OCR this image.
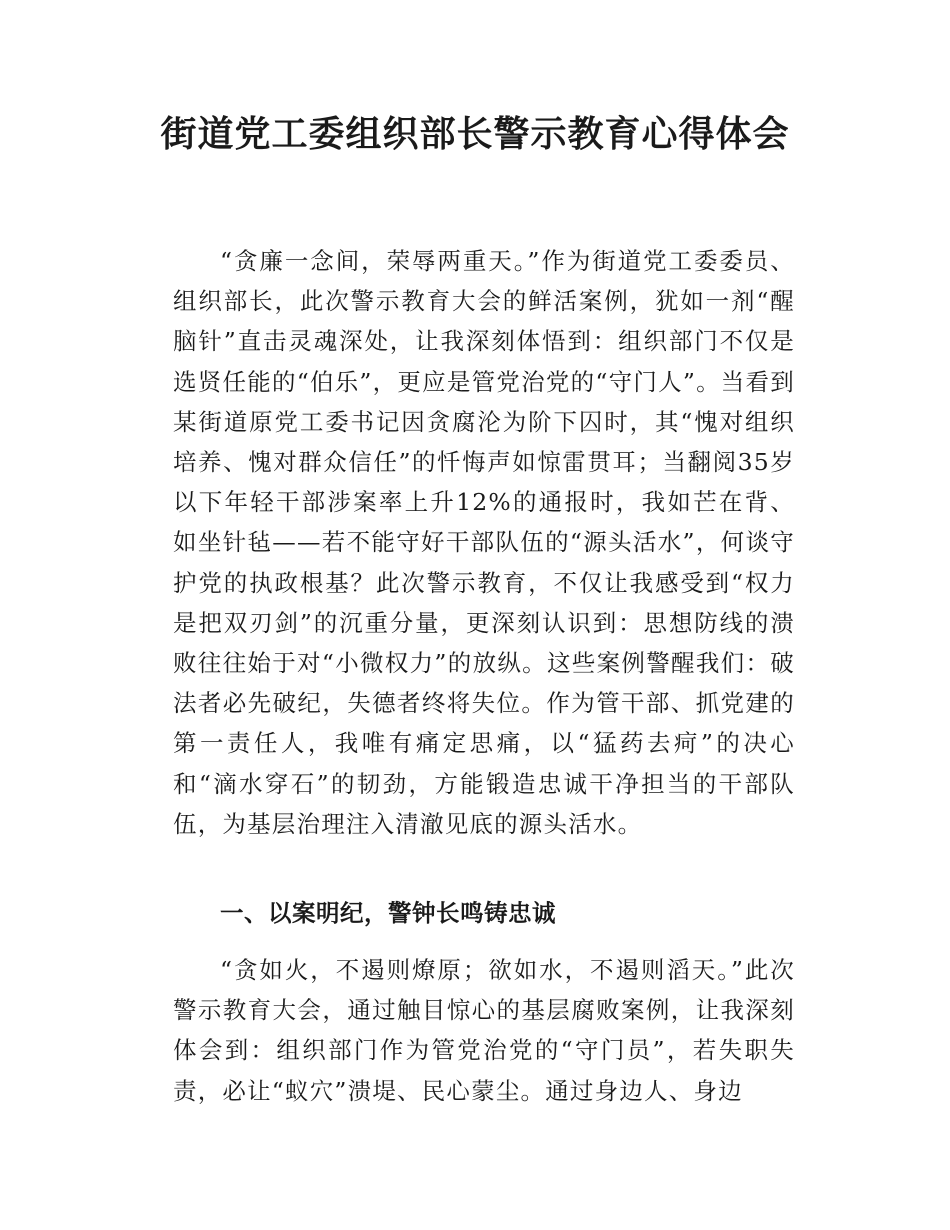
街道党工委组织部长警示教育心得体会

“贪廉一念间，荣辱两重天。”作为街道党工委委员、组织部长，此次警示教育大会的鲜活案例，犹如一剂“醒脑针”直击灵魂深处，让我深刻体悟到：组织部门不仅是选贤任能的“伯乐”，更应是管党治党的“守门人”。当看到某街道原党工委书记因贪腐沦为阶下囚时，其“愧对组织培养、愧对群众信任”的忏悔声如惊雷贯耳；当翻阅35岁以下年轻干部涉案率上升12%的通报时，我如芒在背、如坐针毡——若不能守好干部队伍的“源头活水”，何谈守护党的执政根基？此次警示教育，不仅让我感受到“权力是把双刃剑”的沉重分量，更深刻认识到：思想防线的溃败往往始于对“小微权力”的放纵。这些案例警醒我们：破法者必先破纪，失德者终将失位。作为管干部、抓党建的第一责任人，我唯有痛定思痛，以“猛药去疴”的决心和“滴水穿石”的韧劲，方能锻造忠诚干净担当的干部队伍，为基层治理注入清澈见底的源头活水。

一、以案明纪，警钟长鸣铸忠诚

“贪如火，不遏则燎原；欲如水，不遏则滔天。”此次警示教育大会，通过触目惊心的基层腐败案例，让我深刻体会到：组织部门作为管党治党的“守门员”，若失职失责，必让“蚁穴”溃堤、民心蒙尘。通过身边人、身边
